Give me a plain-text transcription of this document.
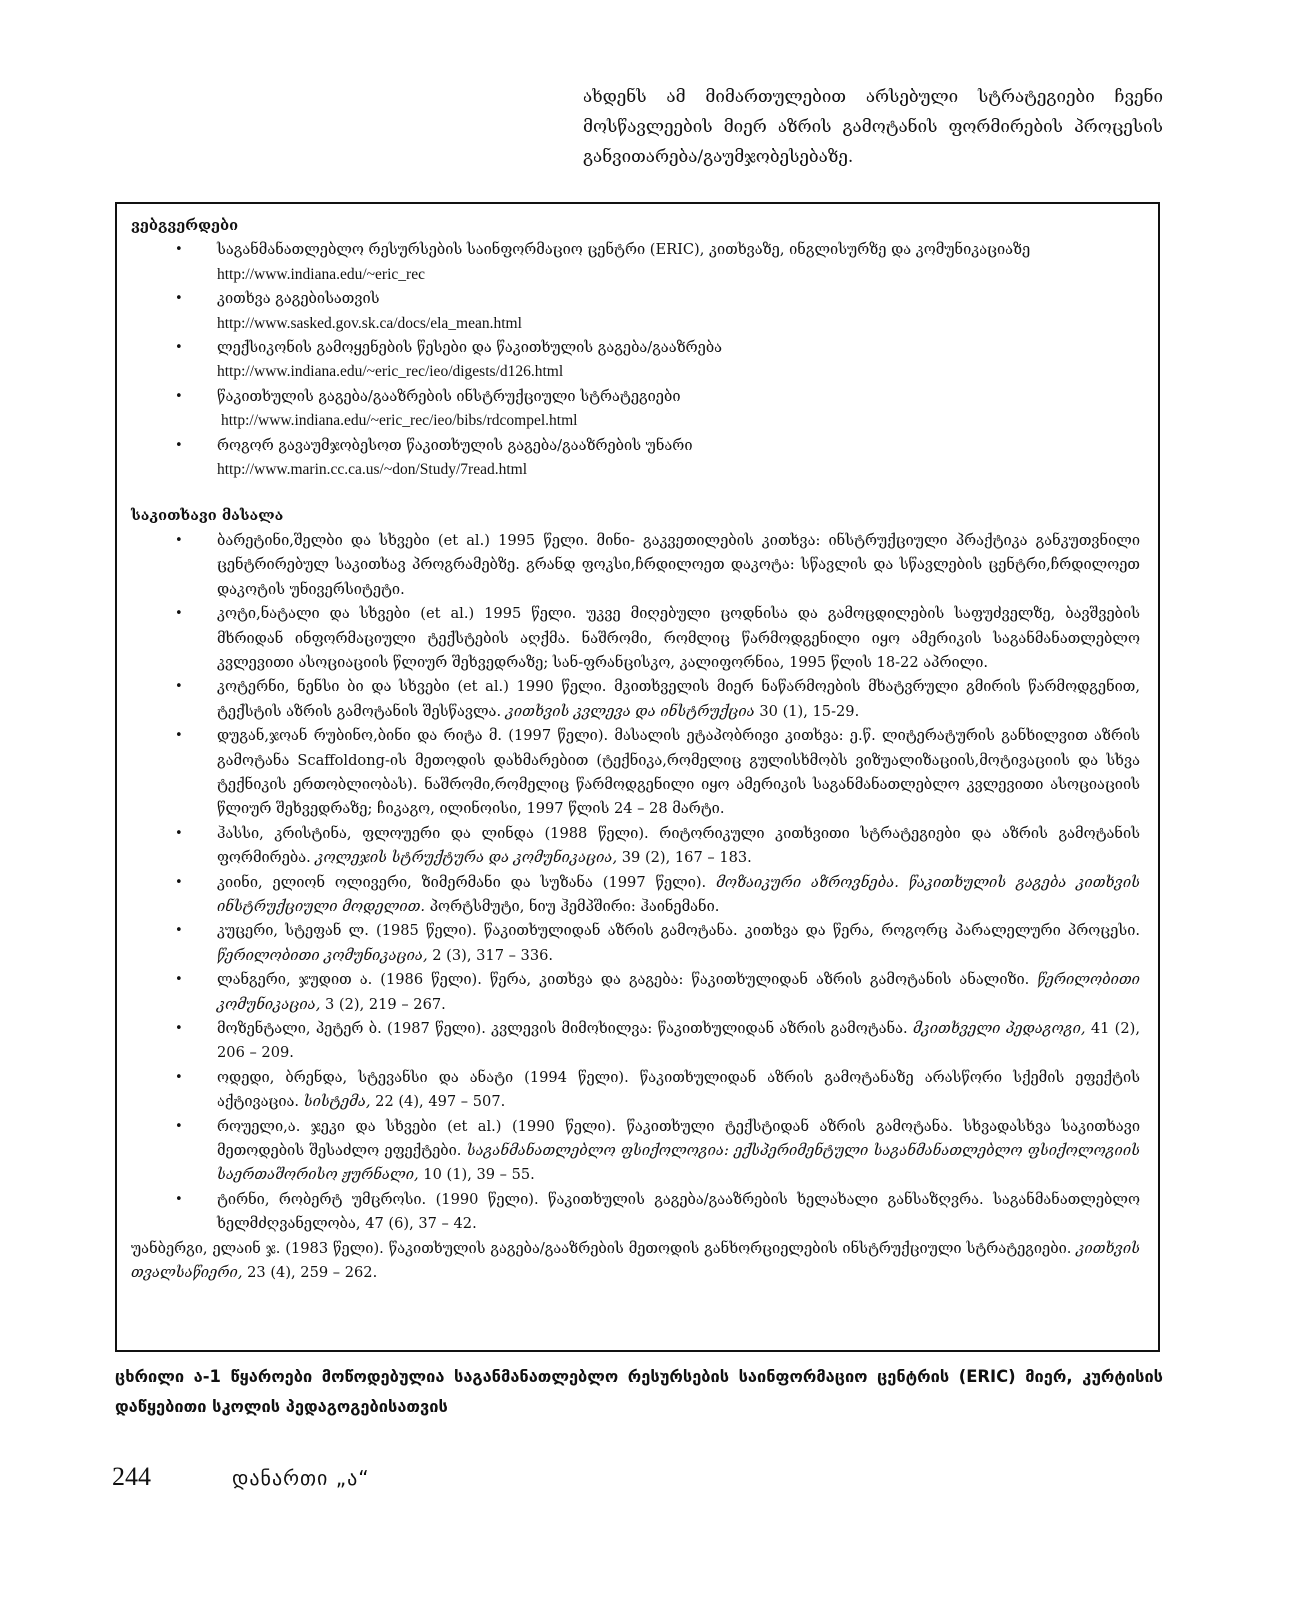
ახდენს ამ მიმართულებით არსებული სტრატეგიები ჩვენი მოსწავლეების მიერ აზრის გამოტანის ფორმირების პროცესის განვითარება/გაუმჯობესებაზე.

ვებგვერდები

• საგანმანათლებლო რესურსების საინფორმაციო ცენტრი (ERIC), კითხვაზე, ინგლისურზე და კომუნიკაციაზე
http://www.indiana.edu/~eric_rec
• კითხვა გაგებისათვის
http://www.sasked.gov.sk.ca/docs/ela_mean.html
• ლექსიკონის გამოყენების წესები და წაკითხულის გაგება/გააზრება
http://www.indiana.edu/~eric_rec/ieo/digests/d126.html
• წაკითხულის გაგება/გააზრების ინსტრუქციული სტრატეგიები
http://www.indiana.edu/~eric_rec/ieo/bibs/rdcompel.html
• როგორ გავაუმჯობესოთ წაკითხულის გაგება/გააზრების უნარი
http://www.marin.cc.ca.us/~don/Study/7read.html

საკითხავი მასალა

• ბარეტინი,შელბი და სხვები (et al.) 1995 წელი. მინი- გაკვეთილების კითხვა: ინსტრუქციული პრაქტიკა განკუთვნილი ცენტრირებულ საკითხავ პროგრამებზე. გრანდ ფოკსი,ჩრდილოეთ დაკოტა: სწავლის და სწავლების ცენტრი,ჩრდილოეთ დაკოტის უნივერსიტეტი.
• კოტი,ნატალი და სხვები (et al.) 1995 წელი. უკვე მიღებული ცოდნისა და გამოცდილების საფუძველზე, ბავშვების მხრიდან ინფორმაციული ტექსტების აღქმა. ნაშრომი, რომლიც წარმოდგენილი იყო ამერიკის საგანმანათლებლო კვლევითი ასოციაციის წლიურ შეხვედრაზე; სან-ფრანცისკო, კალიფორნია, 1995 წლის 18-22 აპრილი.
• კოტერნი, ნენსი ბი და სხვები (et al.) 1990 წელი. მკითხველის მიერ ნაწარმოების მხატვრული გმირის წარმოდგენით, ტექსტის აზრის გამოტანის შესწავლა. კითხვის კვლევა და ინსტრუქცია 30 (1), 15-29.
• დუგან,ჯოან რუბინო,ბინი და რიტა მ. (1997 წელი). მასალის ეტაპობრივი კითხვა: ე.წ. ლიტერატურის განხილვით აზრის გამოტანა Scaffoldong-ის მეთოდის დახმარებით (ტექნიკა,რომელიც გულისხმობს ვიზუალიზაციის,მოტივაციის და სხვა ტექნიკის ერთობლიობას). ნაშრომი,რომელიც წარმოდგენილი იყო ამერიკის საგანმანათლებლო კვლევითი ასოციაციის წლიურ შეხვედრაზე; ჩიკაგო, ილინოისი, 1997 წლის 24 – 28 მარტი.
• ჰასსი, კრისტინა, ფლოუერი და ლინდა (1988 წელი). რიტორიკული კითხვითი სტრატეგიები და აზრის გამოტანის ფორმირება. კოლეჯის სტრუქტურა და კომუნიკაცია, 39 (2), 167 – 183.
• კიინი, ელიონ ოლივერი, ზიმერმანი და სუზანა (1997 წელი). მოზაიკური აზროვნება. წაკითხულის გაგება კითხვის ინსტრუქციული მოდელით. პორტსმუტი, ნიუ ჰემპშირი: ჰაინემანი.
• კუცერი, სტეფან ლ. (1985 წელი). წაკითხულიდან აზრის გამოტანა. კითხვა და წერა, როგორც პარალელური პროცესი. წერილობითი კომუნიკაცია, 2 (3), 317 – 336.
• ლანგერი, ჯუდით ა. (1986 წელი). წერა, კითხვა და გაგება: წაკითხულიდან აზრის გამოტანის ანალიზი. წერილობითი კომუნიკაცია, 3 (2), 219 – 267.
• მოზენტალი, პეტერ ბ. (1987 წელი). კვლევის მიმოხილვა: წაკითხულიდან აზრის გამოტანა. მკითხველი პედაგოგი, 41 (2), 206 – 209.
• ოდედი, ბრენდა, სტევანსი და ანატი (1994 წელი). წაკითხულიდან აზრის გამოტანაზე არასწორი სქემის ეფექტის აქტივაცია. სისტემა, 22 (4), 497 – 507.
• როუელი,ა. ჯეკი და სხვები (et al.) (1990 წელი). წაკითხული ტექსტიდან აზრის გამოტანა. სხვადასხვა საკითხავი მეთოდების შესაძლო ეფექტები. საგანმანათლებლო ფსიქოლოგია: ექსპერიმენტული საგანმანათლებლო ფსიქოლოგიის საერთაშორისო ჟურნალი, 10 (1), 39 – 55.
• ტირნი, რობერტ უმცროსი. (1990 წელი). წაკითხულის გაგება/გააზრების ხელახალი განსაზღვრა. საგანმანათლებლო ხელმძღვანელობა, 47 (6), 37 – 42.
უანბერგი, ელაინ ჯ. (1983 წელი). წაკითხულის გაგება/გააზრების მეთოდის განხორციელების ინსტრუქციული სტრატეგიები. კითხვის თვალსაწიერი, 23 (4), 259 – 262.
ცხრილი ა-1 წყაროები მოწოდებულია საგანმანათლებლო რესურსების საინფორმაციო ცენტრის (ERIC) მიერ, კურტისის დაწყებითი სკოლის პედაგოგებისათვის
244	დანართი „ა“
